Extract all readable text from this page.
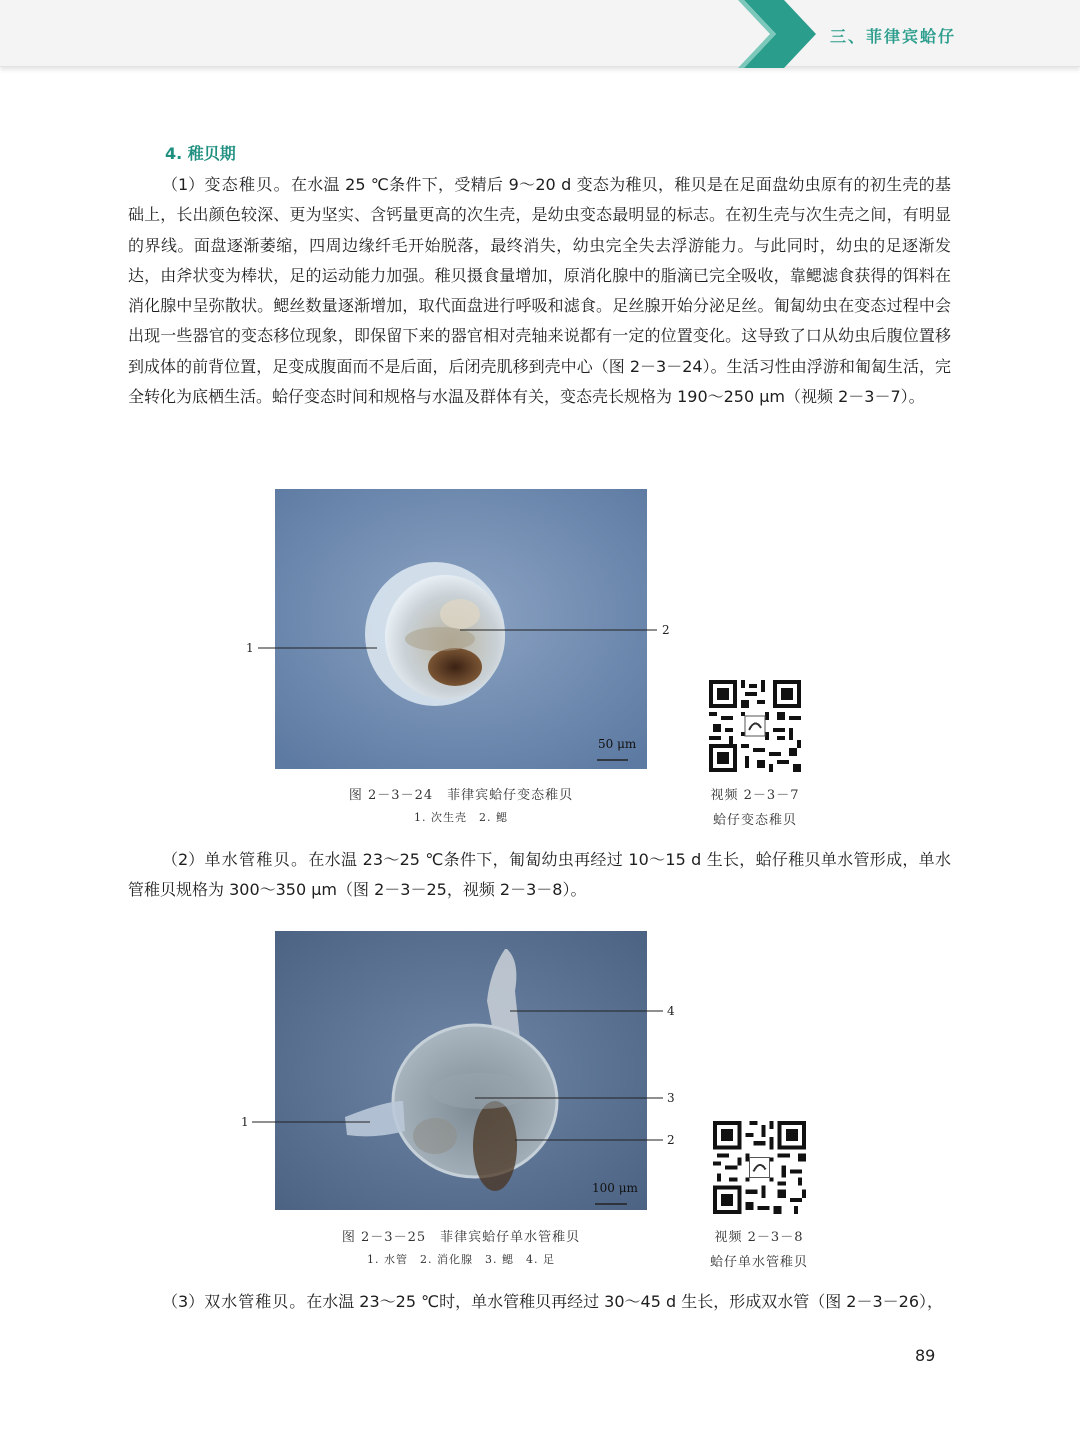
三、菲律宾蛤仔
4. 稚贝期

（1）变态稚贝。在水温 25 ℃条件下，受精后 9～20 d 变态为稚贝，稚贝是在足面盘幼虫原有的初生壳的基础上，长出颜色较深、更为坚实、含钙量更高的次生壳，是幼虫变态最明显的标志。在初生壳与次生壳之间，有明显的界线。面盘逐渐萎缩，四周边缘纤毛开始脱落，最终消失，幼虫完全失去浮游能力。与此同时，幼虫的足逐渐发达，由斧状变为棒状，足的运动能力加强。稚贝摄食量增加，原消化腺中的脂滴已完全吸收，靠鳃滤食获得的饵料在消化腺中呈弥散状。鳃丝数量逐渐增加，取代面盘进行呼吸和滤食。足丝腺开始分泌足丝。匍匐幼虫在变态过程中会出现一些器官的变态移位现象，即保留下来的器官相对壳轴来说都有一定的位置变化。这导致了口从幼虫后腹位置移到成体的前背位置，足变成腹面而不是后面，后闭壳肌移到壳中心（图 2－3－24）。生活习性由浮游和匍匐生活，完全转化为底栖生活。蛤仔变态时间和规格与水温及群体有关，变态壳长规格为 190～250 μm（视频 2－3－7）。

50 μm
1
2
图 2－3－24　菲律宾蛤仔变态稚贝
1. 次生壳　2. 鳃
视频 2－3－7
蛤仔变态稚贝

（2）单水管稚贝。在水温 23～25 ℃条件下，匍匐幼虫再经过 10～15 d 生长，蛤仔稚贝单水管形成，单水管稚贝规格为 300～350 μm（图 2－3－25，视频 2－3－8）。

100 μm
4
3
2
1
图 2－3－25　菲律宾蛤仔单水管稚贝
1. 水管　2. 消化腺　3. 鳃　4. 足
视频 2－3－8
蛤仔单水管稚贝

（3）双水管稚贝。在水温 23～25 ℃时，单水管稚贝再经过 30～45 d 生长，形成双水管（图 2－3－26），

89
